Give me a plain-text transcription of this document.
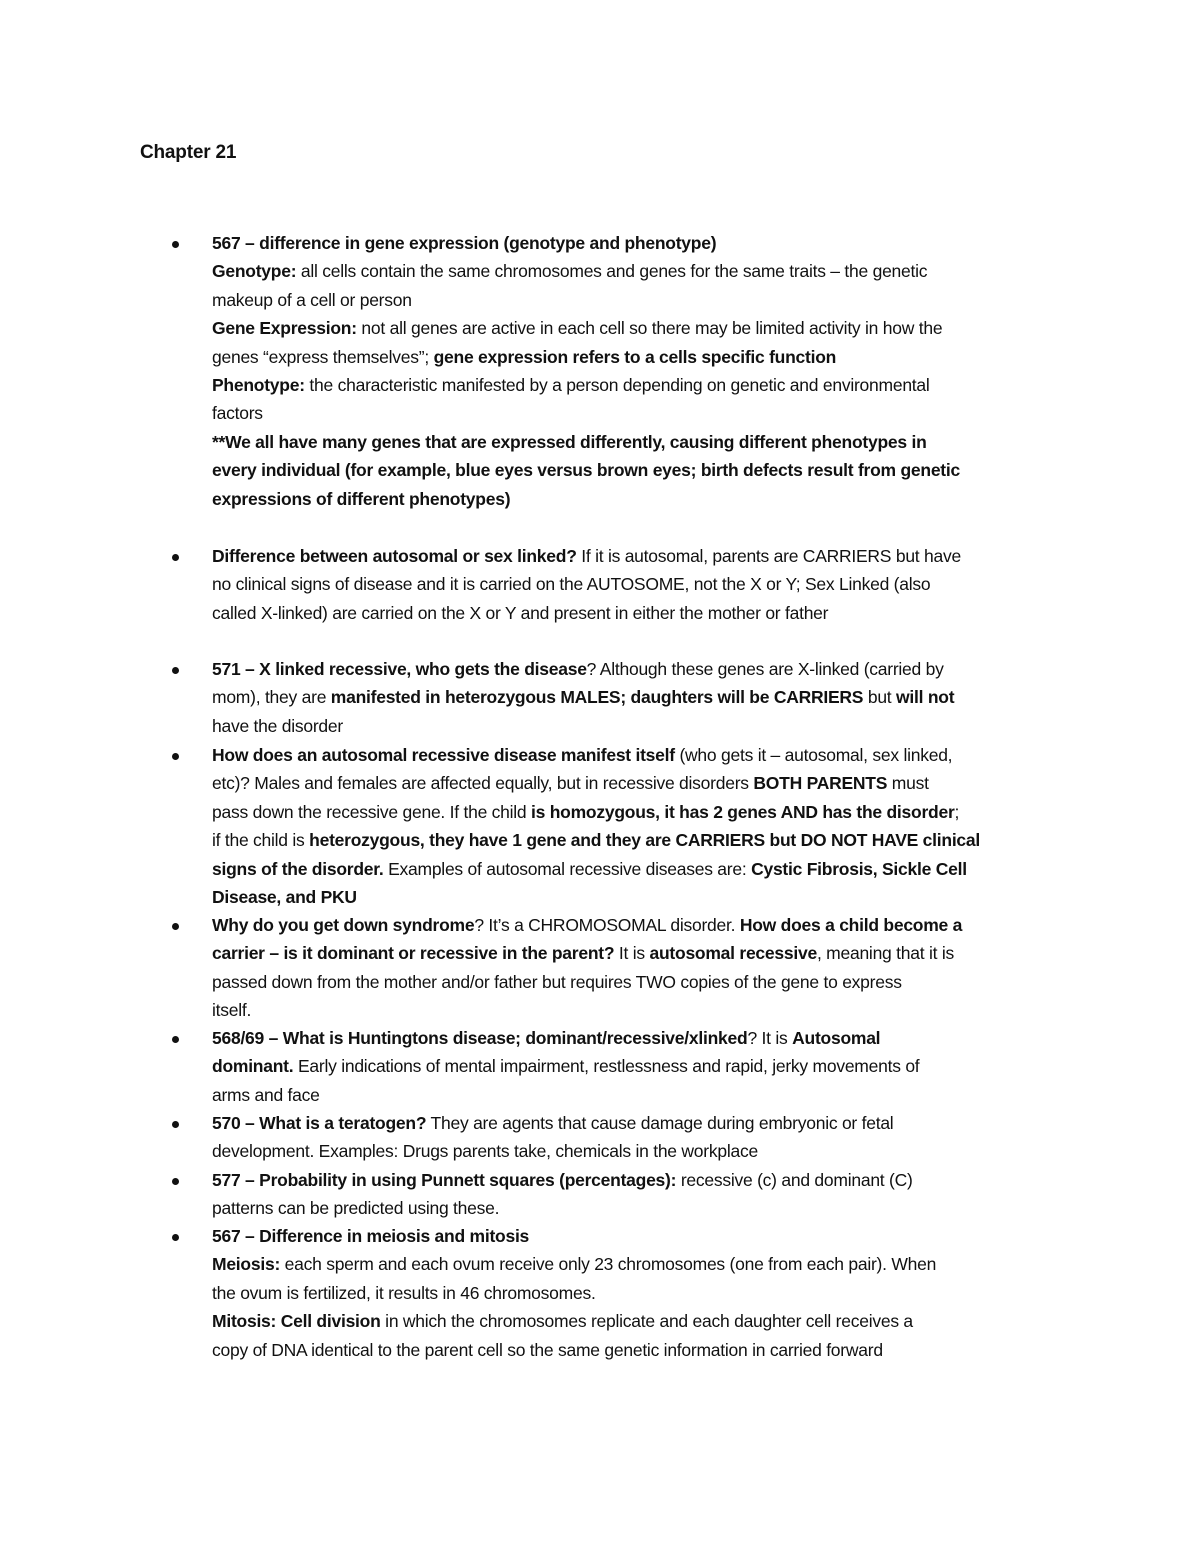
Chapter 21
567 – difference in gene expression (genotype and phenotype)
Genotype: all cells contain the same chromosomes and genes for the same traits – the genetic
makeup of a cell or person
Gene Expression: not all genes are active in each cell so there may be limited activity in how the
genes “express themselves”; gene expression refers to a cells specific function
Phenotype: the characteristic manifested by a person depending on genetic and environmental
factors
**We all have many genes that are expressed differently, causing different phenotypes in
every individual (for example, blue eyes versus brown eyes; birth defects result from genetic
expressions of different phenotypes)
Difference between autosomal or sex linked? If it is autosomal, parents are CARRIERS but have
no clinical signs of disease and it is carried on the AUTOSOME, not the X or Y; Sex Linked (also
called X-linked) are carried on the X or Y and present in either the mother or father
571 – X linked recessive, who gets the disease? Although these genes are X-linked (carried by
mom), they are manifested in heterozygous MALES; daughters will be CARRIERS but will not
have the disorder
How does an autosomal recessive disease manifest itself (who gets it – autosomal, sex linked,
etc)? Males and females are affected equally, but in recessive disorders BOTH PARENTS must
pass down the recessive gene. If the child is homozygous, it has 2 genes AND has the disorder;
if the child is heterozygous, they have 1 gene and they are CARRIERS but DO NOT HAVE clinical
signs of the disorder. Examples of autosomal recessive diseases are: Cystic Fibrosis, Sickle Cell
Disease, and PKU
Why do you get down syndrome? It’s a CHROMOSOMAL disorder. How does a child become a
carrier – is it dominant or recessive in the parent? It is autosomal recessive, meaning that it is
passed down from the mother and/or father but requires TWO copies of the gene to express
itself.
568/69 – What is Huntingtons disease; dominant/recessive/xlinked? It is Autosomal
dominant. Early indications of mental impairment, restlessness and rapid, jerky movements of
arms and face
570 – What is a teratogen? They are agents that cause damage during embryonic or fetal
development. Examples: Drugs parents take, chemicals in the workplace
577 – Probability in using Punnett squares (percentages): recessive (c) and dominant (C)
patterns can be predicted using these.
567 – Difference in meiosis and mitosis
Meiosis: each sperm and each ovum receive only 23 chromosomes (one from each pair). When
the ovum is fertilized, it results in 46 chromosomes.
Mitosis: Cell division in which the chromosomes replicate and each daughter cell receives a
copy of DNA identical to the parent cell so the same genetic information in carried forward
